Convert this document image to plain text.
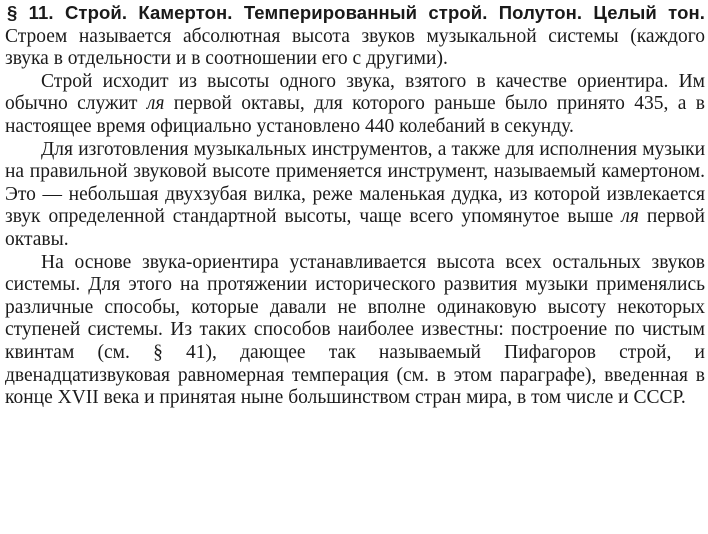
§ 11. Строй. Камертон. Темперированный строй. Полутон. Целый тон. Строем называется абсолютная высота звуков музыкальной системы (каждого звука в отдельности и в соотношении его с другими).

Строй исходит из высоты одного звука, взятого в качестве ориентира. Им обычно служит ля первой октавы, для которого раньше было принято 435, а в настоящее время официально установлено 440 колебаний в секунду.

Для изготовления музыкальных инструментов, а также для исполнения музыки на правильной звуковой высоте применяется инструмент, называемый камертоном. Это — небольшая двухзубая вилка, реже маленькая дудка, из которой извлекается звук определенной стандартной высоты, чаще всего упомянутое выше ля первой октавы.

На основе звука-ориентира устанавливается высота всех остальных звуков системы. Для этого на протяжении исторического развития музыки применялись различные способы, которые давали не вполне одинаковую высоту некоторых ступеней системы. Из таких способов наиболее известны: построение по чистым квинтам (см. § 41), дающее так называемый Пифагоров строй, и двенадцатизвуковая равномерная темперация (см. в этом параграфе), введенная в конце XVII века и принятая ныне большинством стран мира, в том числе и СССР.
